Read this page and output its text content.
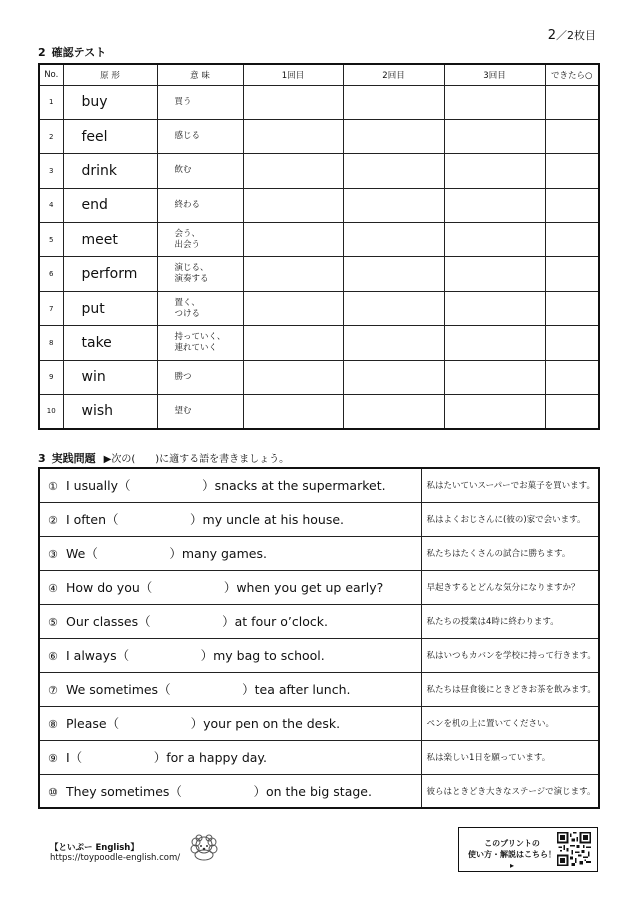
2／2枚目
2 確認テスト
No.	原 形	意 味	1回目	2回目	3回目	できたら○
1	buy	買う				
2	feel	感じる				
3	drink	飲む				
4	end	終わる				
5	meet	会う、
出会う				
6	perform	演じる、
演奏する				
7	put	置く、
つける				
8	take	持っていく、
連れていく				
9	win	勝つ				
10	wish	望む				
3 実践問題 ▶次の(　　)に適する語を書きましょう。
① I usually（ ）snacks at the supermarket.	私はたいていスーパーでお菓子を買います。
② I often（ ）my uncle at his house.	私はよくおじさんに(彼の)家で会います。
③ We（ ）many games.	私たちはたくさんの試合に勝ちます。
④ How do you（ ）when you get up early?	早起きするとどんな気分になりますか？
⑤ Our classes（ ）at four o’clock.	私たちの授業は4時に終わります。
⑥ I always（ ）my bag to school.	私はいつもカバンを学校に持って行きます。
⑦ We sometimes（ ）tea after lunch.	私たちは昼食後にときどきお茶を飲みます。
⑧ Please（ ）your pen on the desk.	ペンを机の上に置いてください。
⑨ I（ ）for a happy day.	私は楽しい1日を願っています。
⑩ They sometimes（ ）on the big stage.	彼らはときどき大きなステージで演じます。
【といぷー English】
https://toypoodle-english.com/
このプリントの
使い方・解説はこちら！▸
